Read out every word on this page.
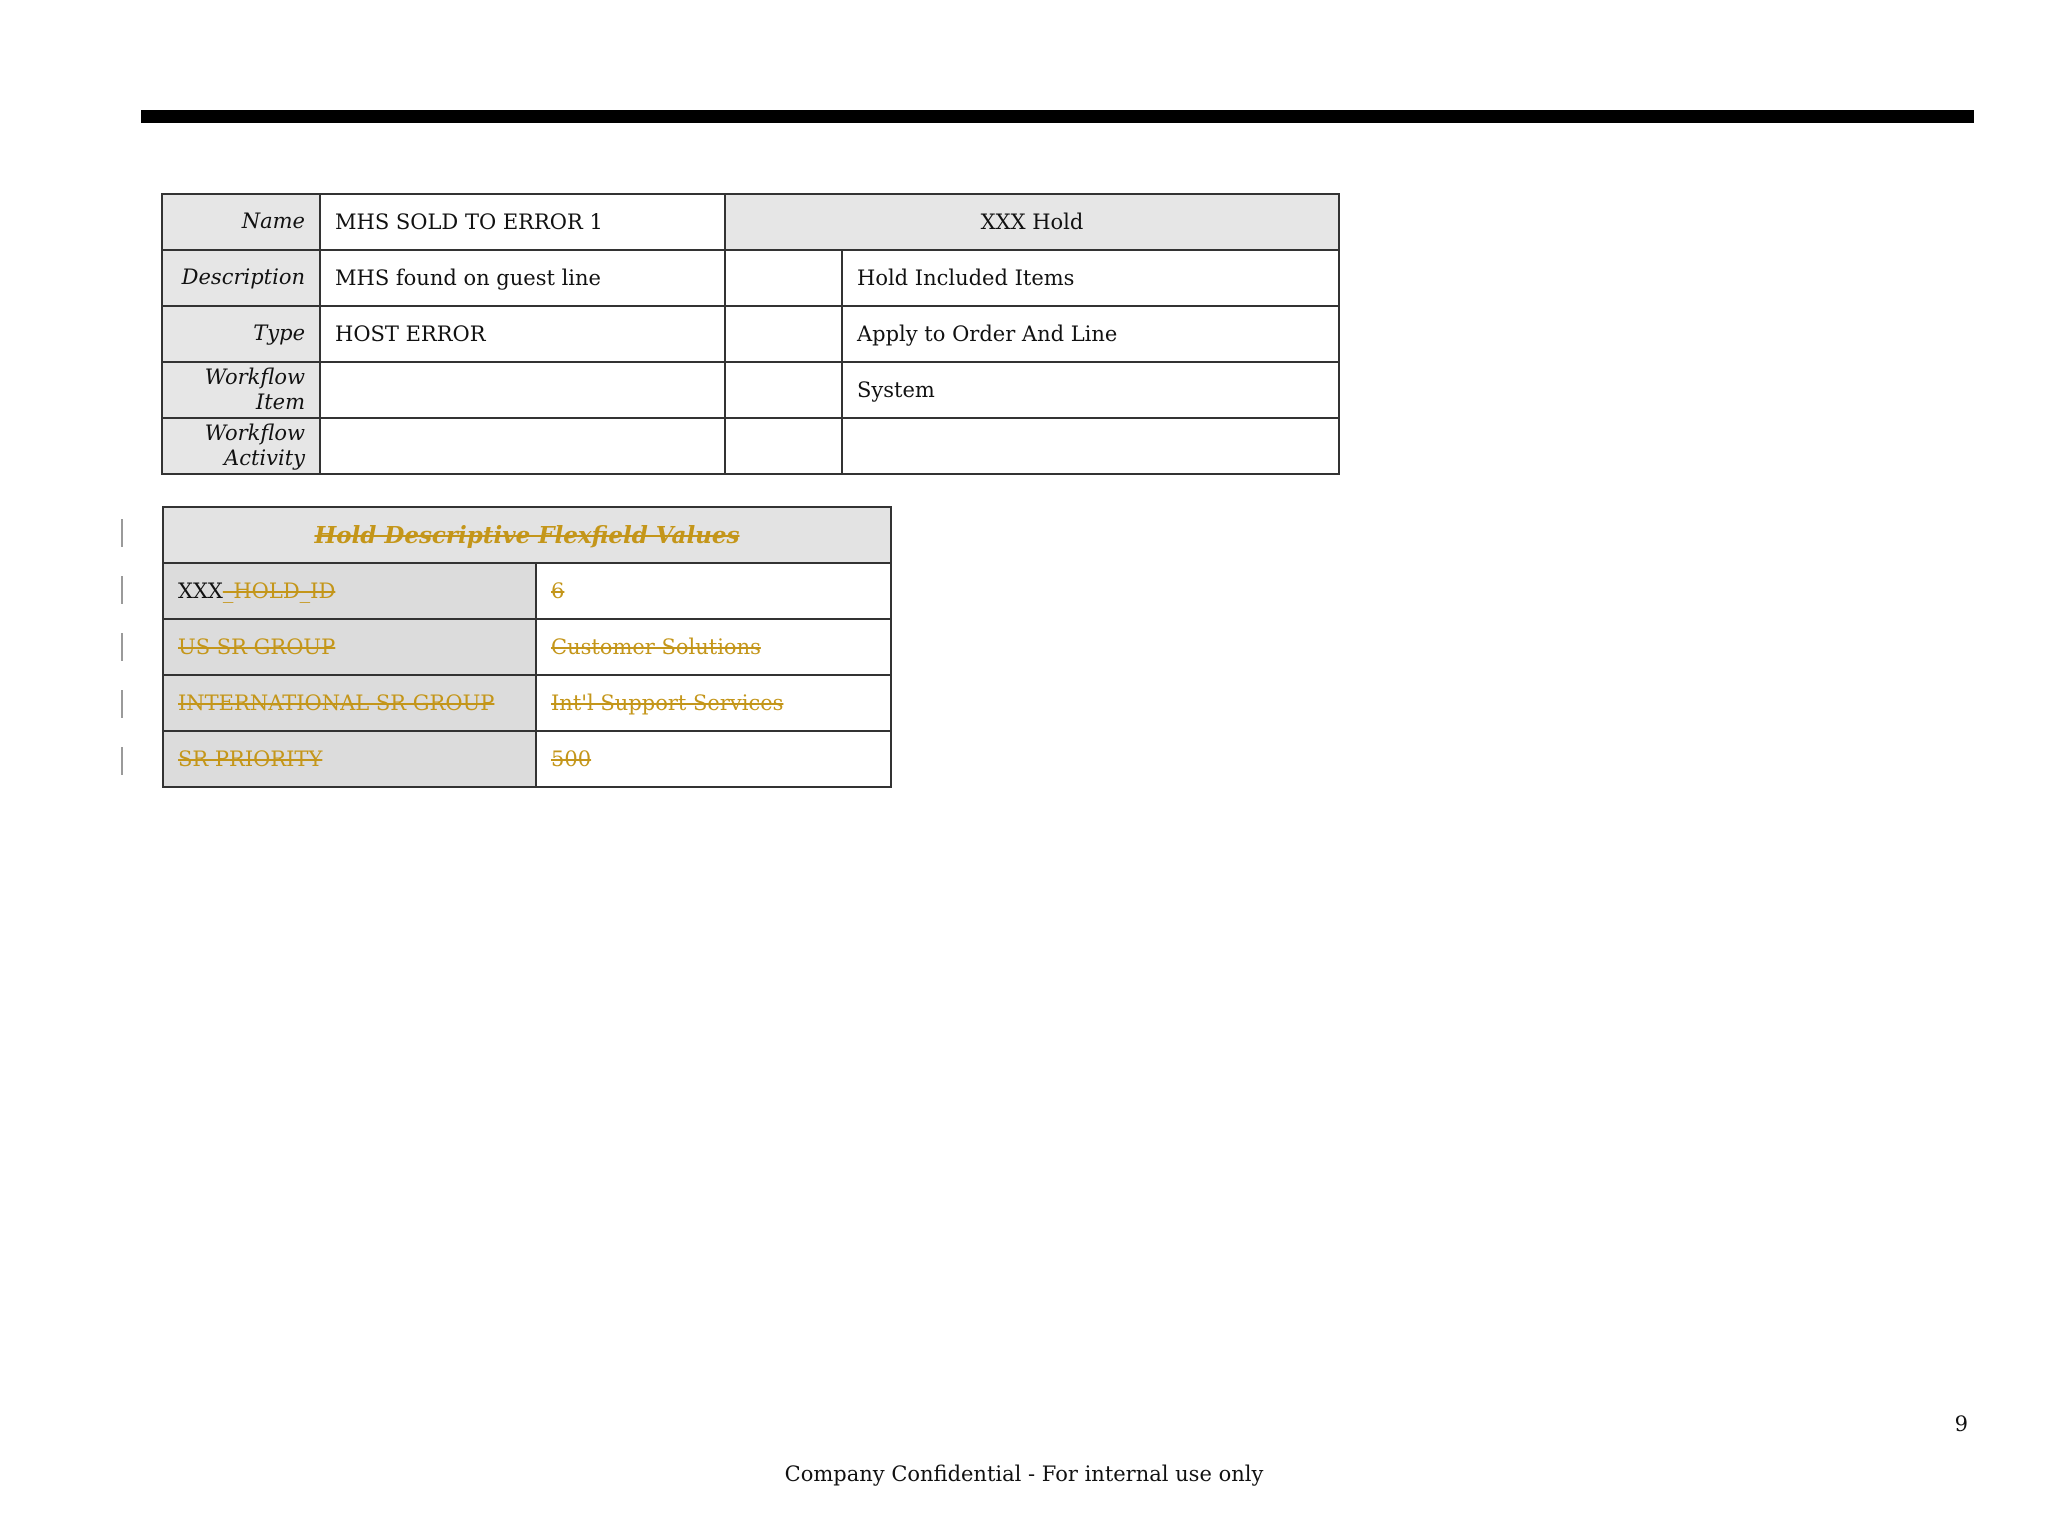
Name	MHS SOLD TO ERROR 1	XXX Hold	
Description	MHS found on guest line		Hold Included Items
Type	HOST ERROR		Apply to Order And Line
Workflow Item			System
Workflow Activity			
Hold Descriptive Flexfield Values	
XXX_HOLD_ID	6
US SR GROUP	Customer Solutions
INTERNATIONAL SR GROUP	Int'l Support Services
SR PRIORITY	500
9
Company Confidential - For internal use only
